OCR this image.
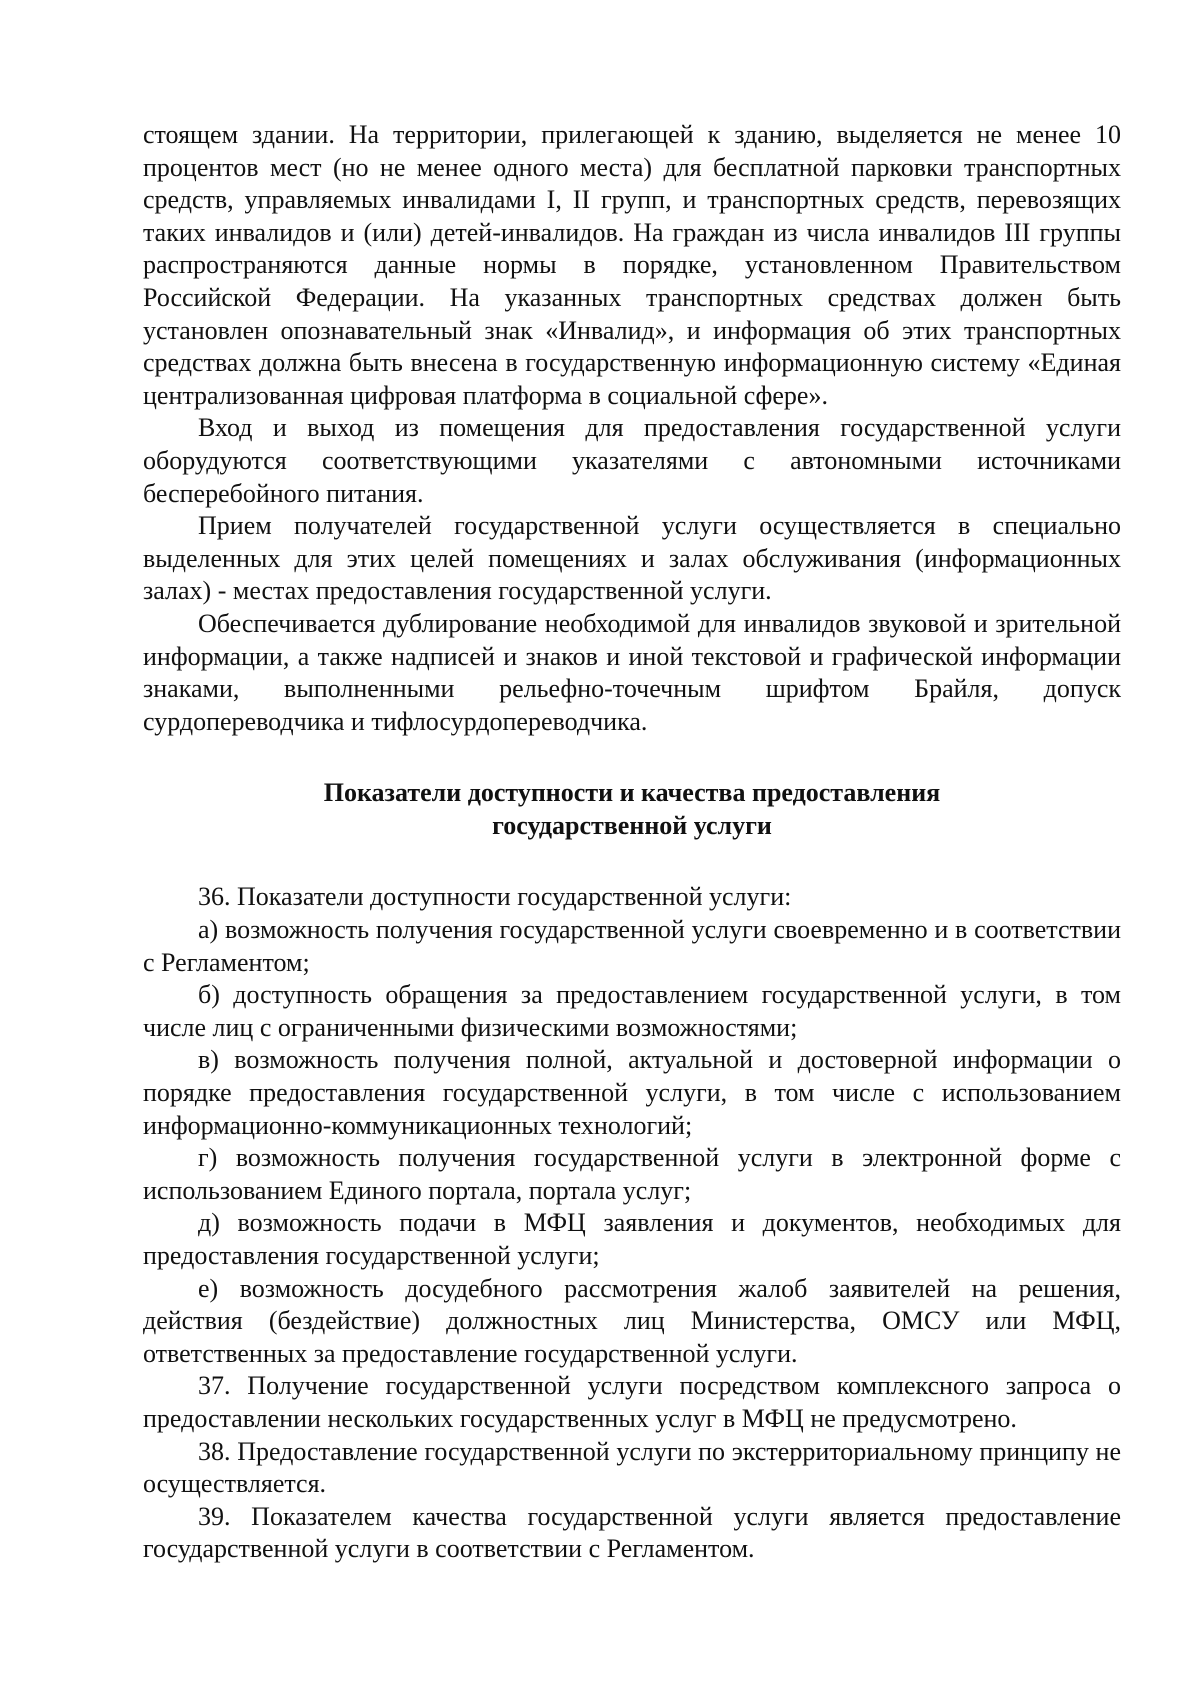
стоящем здании. На территории, прилегающей к зданию, выделяется не менее 10 процентов мест (но не менее одного места) для бесплатной парковки транспортных средств, управляемых инвалидами I, II групп, и транспортных средств, перевозящих таких инвалидов и (или) детей-инвалидов. На граждан из числа инвалидов III группы распространяются данные нормы в порядке, установленном Правительством Российской Федерации. На указанных транспортных средствах должен быть установлен опознавательный знак «Инвалид», и информация об этих транспортных средствах должна быть внесена в государственную информационную систему «Единая централизованная цифровая платформа в социальной сфере».

Вход и выход из помещения для предоставления государственной услуги оборудуются соответствующими указателями с автономными источниками бесперебойного питания.

Прием получателей государственной услуги осуществляется в специально выделенных для этих целей помещениях и залах обслуживания (информационных залах) - местах предоставления государственной услуги.

Обеспечивается дублирование необходимой для инвалидов звуковой и зрительной информации, а также надписей и знаков и иной текстовой и графической информации знаками, выполненными рельефно-точечным шрифтом Брайля, допуск сурдопереводчика и тифлосурдопереводчика.

Показатели доступности и качества предоставления
государственной услуги

36. Показатели доступности государственной услуги:

а) возможность получения государственной услуги своевременно и в соответствии с Регламентом;

б) доступность обращения за предоставлением государственной услуги, в том числе лиц с ограниченными физическими возможностями;

в) возможность получения полной, актуальной и достоверной информации о порядке предоставления государственной услуги, в том числе с использованием информационно-коммуникационных технологий;

г) возможность получения государственной услуги в электронной форме с использованием Единого портала, портала услуг;

д) возможность подачи в МФЦ заявления и документов, необходимых для предоставления государственной услуги;

е) возможность досудебного рассмотрения жалоб заявителей на решения, действия (бездействие) должностных лиц Министерства, ОМСУ или МФЦ, ответственных за предоставление государственной услуги.

37. Получение государственной услуги посредством комплексного запроса о предоставлении нескольких государственных услуг в МФЦ не предусмотрено.

38. Предоставление государственной услуги по экстерриториальному принципу не осуществляется.

39. Показателем качества государственной услуги является предоставление государственной услуги в соответствии с Регламентом.
